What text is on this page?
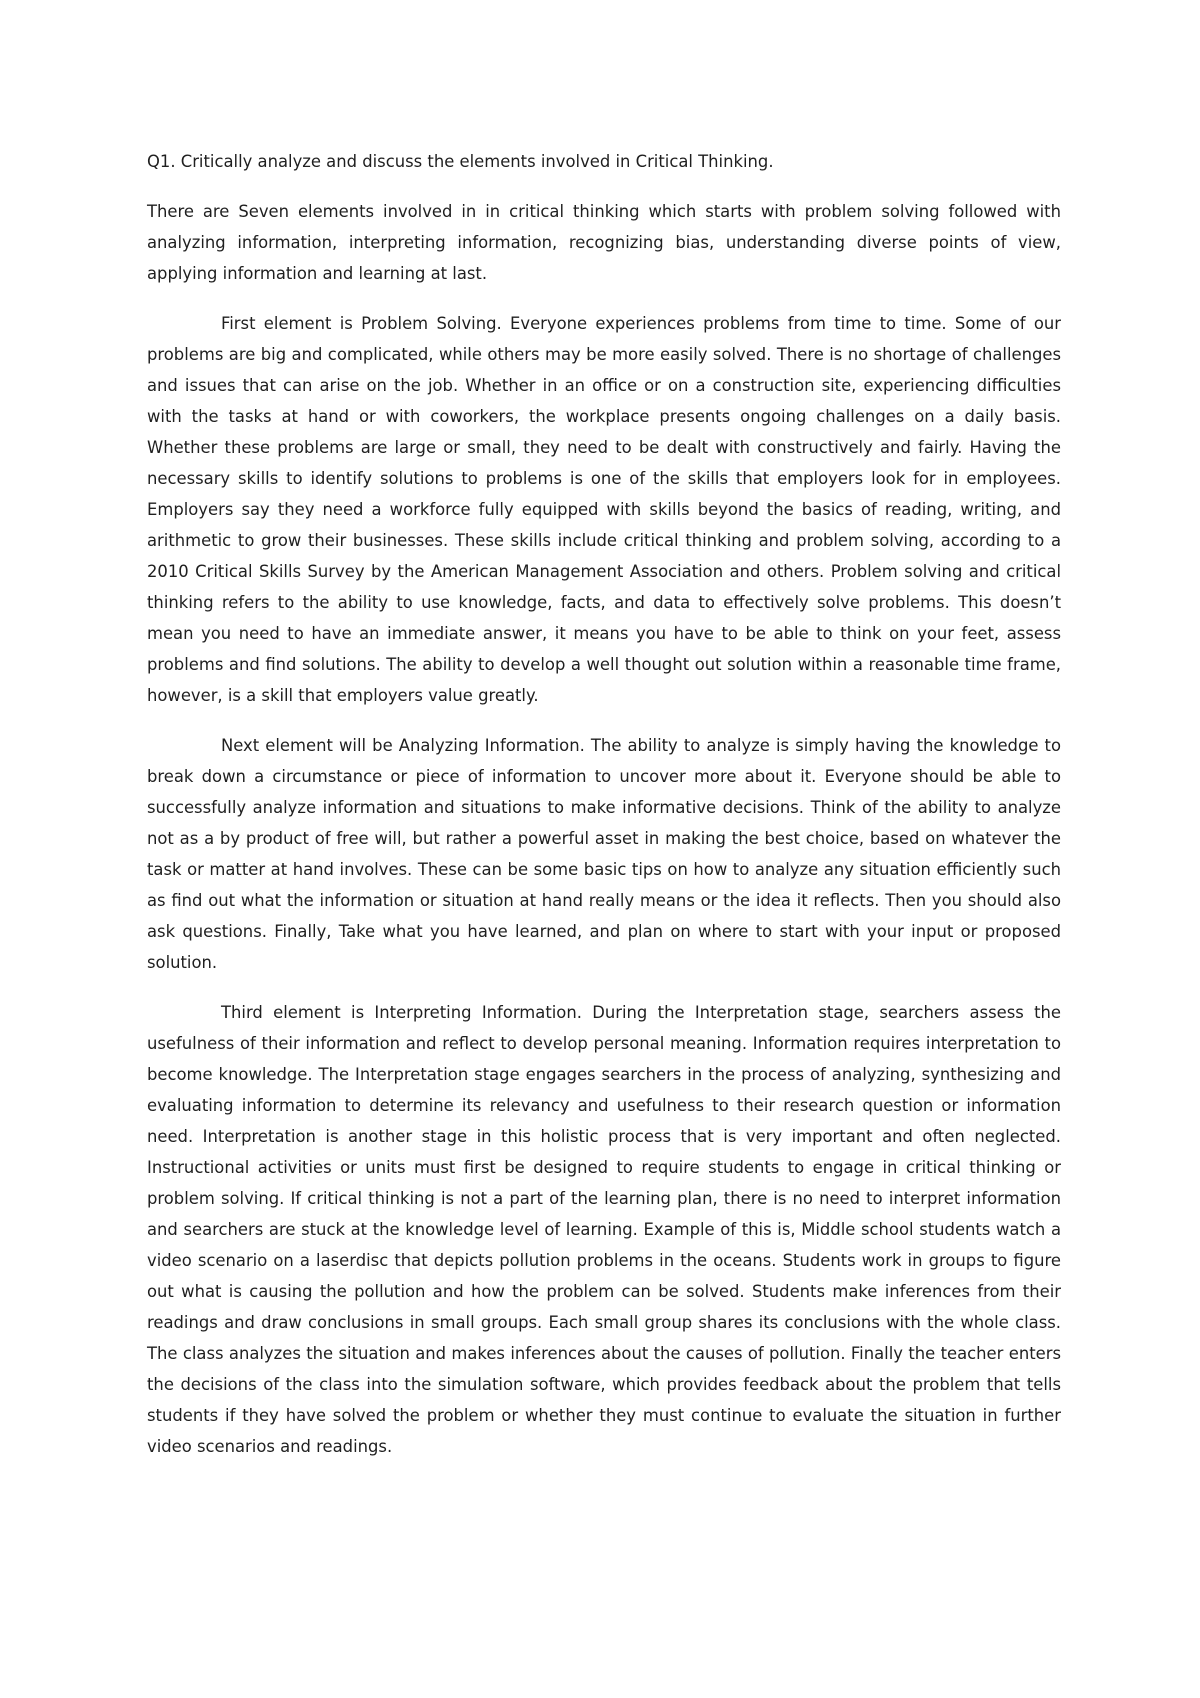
Q1. Critically analyze and discuss the elements involved in Critical Thinking.

There are Seven elements involved in in critical thinking which starts with problem solving followed with analyzing information, interpreting information, recognizing bias, understanding diverse points of view, applying information and learning at last.

First element is Problem Solving. Everyone experiences problems from time to time. Some of our problems are big and complicated, while others may be more easily solved. There is no shortage of challenges and issues that can arise on the job. Whether in an office or on a construction site, experiencing difficulties with the tasks at hand or with coworkers, the workplace presents ongoing challenges on a daily basis. Whether these problems are large or small, they need to be dealt with constructively and fairly. Having the necessary skills to identify solutions to problems is one of the skills that employers look for in employees. Employers say they need a workforce fully equipped with skills beyond the basics of reading, writing, and arithmetic to grow their businesses. These skills include critical thinking and problem solving, according to a 2010 Critical Skills Survey by the American Management Association and others. Problem solving and critical thinking refers to the ability to use knowledge, facts, and data to effectively solve problems. This doesn’t mean you need to have an immediate answer, it means you have to be able to think on your feet, assess problems and find solutions. The ability to develop a well thought out solution within a reasonable time frame, however, is a skill that employers value greatly.

Next element will be Analyzing Information. The ability to analyze is simply having the knowledge to break down a circumstance or piece of information to uncover more about it. Everyone should be able to successfully analyze information and situations to make informative decisions. Think of the ability to analyze not as a by product of free will, but rather a powerful asset in making the best choice, based on whatever the task or matter at hand involves. These can be some basic tips on how to analyze any situation efficiently such as find out what the information or situation at hand really means or the idea it reflects. Then you should also ask questions. Finally, Take what you have learned, and plan on where to start with your input or proposed solution.

Third element is Interpreting Information. During the Interpretation stage, searchers assess the usefulness of their information and reflect to develop personal meaning. Information requires interpretation to become knowledge. The Interpretation stage engages searchers in the process of analyzing, synthesizing and evaluating information to determine its relevancy and usefulness to their research question or information need. Interpretation is another stage in this holistic process that is very important and often neglected. Instructional activities or units must first be designed to require students to engage in critical thinking or problem solving. If critical thinking is not a part of the learning plan, there is no need to interpret information and searchers are stuck at the knowledge level of learning. Example of this is, Middle school students watch a video scenario on a laserdisc that depicts pollution problems in the oceans. Students work in groups to figure out what is causing the pollution and how the problem can be solved. Students make inferences from their readings and draw conclusions in small groups. Each small group shares its conclusions with the whole class. The class analyzes the situation and makes inferences about the causes of pollution. Finally the teacher enters the decisions of the class into the simulation software, which provides feedback about the problem that tells students if they have solved the problem or whether they must continue to evaluate the situation in further video scenarios and readings.
